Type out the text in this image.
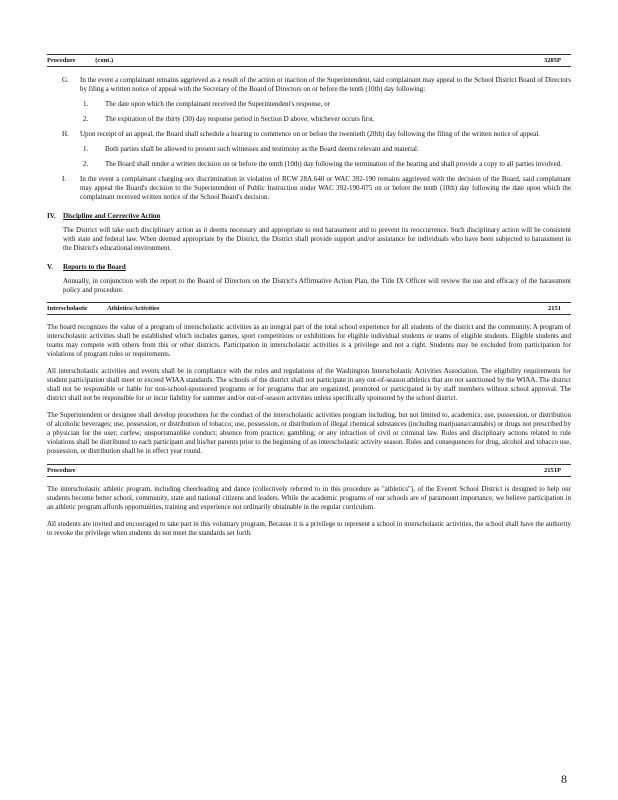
Procedure	(cont.)	3205P
G.	In the event a complainant remains aggrieved as a result of the action or inaction of the Superintendent, said complainant may appeal to the School District Board of Directors by filing a written notice of appeal with the Secretary of the Board of Directors on or before the tenth (10th) day following:

1.	The date upon which the complainant received the Superintendent's response, or

2.	The expiration of the thirty (30) day response period in Section D above, whichever occurs first.

H.	Upon receipt of an appeal, the Board shall schedule a hearing to commence on or before the twentieth (20th) day following the filing of the written notice of appeal.

1.	Both parties shall be allowed to present such witnesses and testimony as the Board deems relevant and material.

2.	The Board shall render a written decision on or before the tenth (10th) day following the termination of the hearing and shall provide a copy to all parties involved.

I.	In the event a complainant charging sex discrimination in violation of RCW 28A.640 or WAC 392-190 remains aggrieved with the decision of the Board, said complainant may appeal the Board's decision to the Superintendent of Public Instruction under WAC 392-190-075 on or before the tenth (10th) day following the date upon which the complainant received written notice of the School Board's decision.

IV.	Discipline and Corrective Action

The District will take such disciplinary action as it deems necessary and appropriate to end harassment and to prevent its reoccurrence. Such disciplinary action will be consistent with state and federal law. When deemed appropriate by the District, the District shall provide support and/or assistance for individuals who have been subjected to harassment in the District's educational environment.

V.	Reports to the Board

Annually, in conjunction with the report to the Board of Directors on the District's Affirmative Action Plan, the Title IX Officer will review the use and efficacy of the harassment policy and procedure.

Interscholastic	Athletics/Activities	2151

The board recognizes the value of a program of interscholastic activities as an integral part of the total school experience for all students of the district and the community. A program of interscholastic activities shall be established which includes games, sport competitions or exhibitions for eligible individual students or teams of eligible students. Eligible students and teams may compete with others from this or other districts. Participation in interscholastic activities is a privilege and not a right. Students may be excluded from participation for violations of program rules or requirements.

All interscholastic activities and events shall be in compliance with the rules and regulations of the Washington Interscholastic Activities Association. The eligibility requirements for student participation shall meet or exceed WIAA standards. The schools of the district shall not participate in any out-of-season athletics that are not sanctioned by the WIAA. The district shall not be responsible or liable for non-school-sponsored programs or for programs that are organized, promoted or participated in by staff members without school approval. The district shall not be responsible for or incur liability for summer and/or out-of-season activities unless specifically sponsored by the school district.

The Superintendent or designee shall develop procedures for the conduct of the interscholastic activities program including, but not limited to, academics; use, possession, or distribution of alcoholic beverages; use, possession, or distribution of tobacco; use, possession, or distribution of illegal chemical substances (including marijuana/cannabis) or drugs not prescribed by a physician for the user; curfew; unsportsmanlike conduct; absence from practice; gambling; or any infraction of civil or criminal law. Rules and disciplinary actions related to rule violations shall be distributed to each participant and his/her parents prior to the beginning of an interscholastic activity season. Rules and consequences for drug, alcohol and tobacco use, possession, or distribution shall be in effect year round.

Procedure	2151P

The interscholastic athletic program, including cheerleading and dance (collectively referred to in this procedure as "athletics"), of the Everett School District is designed to help our students become better school, community, state and national citizens and leaders. While the academic programs of our schools are of paramount importance, we believe participation in an athletic program affords opportunities, training and experience not ordinarily obtainable in the regular curriculum.

All students are invited and encouraged to take part in this voluntary program. Because it is a privilege to represent a school in interscholastic activities, the school shall have the authority to revoke the privilege when students do not meet the standards set forth.

8
